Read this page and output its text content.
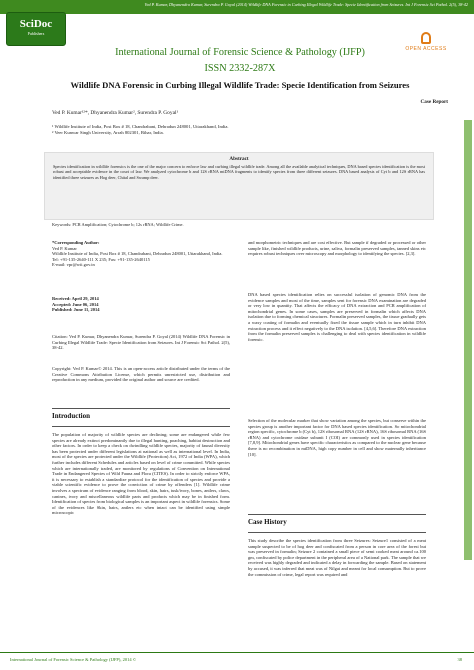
Ved P. Kumar, Dhyanendra Kumar, Surendra P. Goyal (2014) Wildlife DNA Forensic in Curbing Illegal Wildlife Trade: Specie Identification from Seizures. Int J Forensic Sci Pathol. 2(5), 38-42
SciDoc
Publishers
OPEN ACCESS
International Journal of Forensic Science & Pathology (IJFP)
ISSN 2332-287X
Wildlife DNA Forensic in Curbing Illegal Wildlife Trade: Specie Identification from Seizures
Case Report
Ved P. Kumar¹²*, Dhyanendra Kumar², Surendra P. Goyal¹
¹ Wildlife Institute of India, Post Box # 18, Chandrabani, Dehradun 248001, Uttarakhand, India.
² Veer Kunwar Singh University, Arrah 802301, Bihar, India.
Abstract
Species identification in wildlife forensics is the one of the major concern to enforce law and curbing illegal wildlife trade. Among all the available analytical techniques, DNA based species identification is the most robust and acceptable evidence in the court of law. We analyzed cytochrome b and 12S rRNA mtDNA fragments to identify species from three different seizures. DNA based analysis of Cyt b and 12S rRNA has identified three seizures as Hog deer, Chital and Swamp deer.
Keywords: PCR Amplification; Cytochrome b; 12s rRNA; Wildlife Crime.
*Corresponding Author:
Ved P. Kumar
Wildlife Institute of India, Post Box # 18, Chandrabani, Dehradun 248001, Uttarakhand, India.
Tel: +91-135-2640-111 X 235; Fax: +91-135-2640115
E-mail: vpr@wii.gov.in
Received: April 29, 2014
Accepted: June 06, 2014
Published: June 11, 2014
Citation: Ved P. Kumar, Dhyanendra Kumar, Surendra P. Goyal (2014) Wildlife DNA Forensic in Curbing Illegal Wildlife Trade: Specie Identification from Seizures. Int J Forensic Sci Pathol. 2(5), 38-42.
Copyright: Ved P. Kumar© 2014. This is an open-access article distributed under the terms of the Creative Commons Attribution License, which permits unrestricted use, distribution and reproduction in any medium, provided the original author and source are credited.
Introduction
The population of majority of wildlife species are declining; some are endangered while few species are already extinct predominantly due to illegal hunting, poaching, habitat destruction and other factors. In order to keep a check on dwindling wildlife species, majority of faunal diversity has been protected under different legislations at national as well as international level. In India, most of the species are protected under the Wildlife (Protection) Act, 1972 of India (WPA), which further includes different Schedules and articles based on level of crime committed. While species which are internationally traded, are monitored by regulations of Convention on International Trade in Endangered Species of Wild Fauna and Flora (CITES). In order to strictly enforce WPA, it is necessary to establish a standardize protocol for the identification of species and provide a viable scientific evidence to prove the conviction of crime by offenders [1]. Wildlife crime involves a spectrum of evidence ranging from blood, skin, hairs, tusk/ivory, bones, antlers, claws, canines, ivory and miscellaneous wildlife parts and products which may be in finished form. Identification of species from biological samples is an important aspect in wildlife forensics. Some of the evidences like Skin, hairs, antlers etc when intact can be identified using simple microscopic
and morphometric techniques and are cost effective. But sample if degraded or processed or other sample like, finished wildlife products, urine, saliva, formalin preserved samples, tanned skins etc requires robust techniques over microscopy and morphology to identifying the species. [2,3].
DNA based species identification relies on successful isolation of genomic DNA from the evidence samples and most of the time, samples sent for forensic DNA examination are degraded or very low in quantity. That affects the efficacy of DNA extraction and PCR amplification of mitochondrial genes. In some cases, samples are preserved in formalin which affects DNA isolation due to forming chemical structures. Formalin preserved samples, the tissue gradually gets a waxy coating of formalin and eventually fixed the tissue sample which in turn inhibit DNA extraction process and it effect negatively to the DNA isolation. [4,5,6]. Therefore DNA extraction from the formalin preserved samples is challenging to deal with species identification in wildlife forensic.
Selection of the molecular marker that show variation among the species, but conserve within the species group is another important factor for DNA based species identification. So mitochondrial region specific, cytochrome b (Cyt b), 12S ribosomal RNA (12S rRNA), 16S ribosomal RNA (16S rRNA) and cytochrome oxidase subunit I (COI) are commonly used in species identification [7,8,9]. Mitochondrial genes have specific characteristics as compared to the nuclear gene because there is no recombination in mtDNA, high copy number in cell and show maternally inheritance [10].
Case History
This study describe the species identification from three Seizures: Seizure1 consisted of a meat sample suspected to be of hog deer and confiscated from a person in core area of the forest but was preserved in formalin; Seizure 2 contained a small piece of semi cooked meat around ca.100 gm, confiscated by police department in the peripheral area of a National park. The sample that we received was highly degraded and indicated a delay in forwarding the sample. Based on statement by accused, it was inferred that meat was of Nilgai and meant for local consumption. But to prove the commission of crime, legal report was required and
International Journal of Forensic Science & Pathology (IJFP), 2014 ©	38
